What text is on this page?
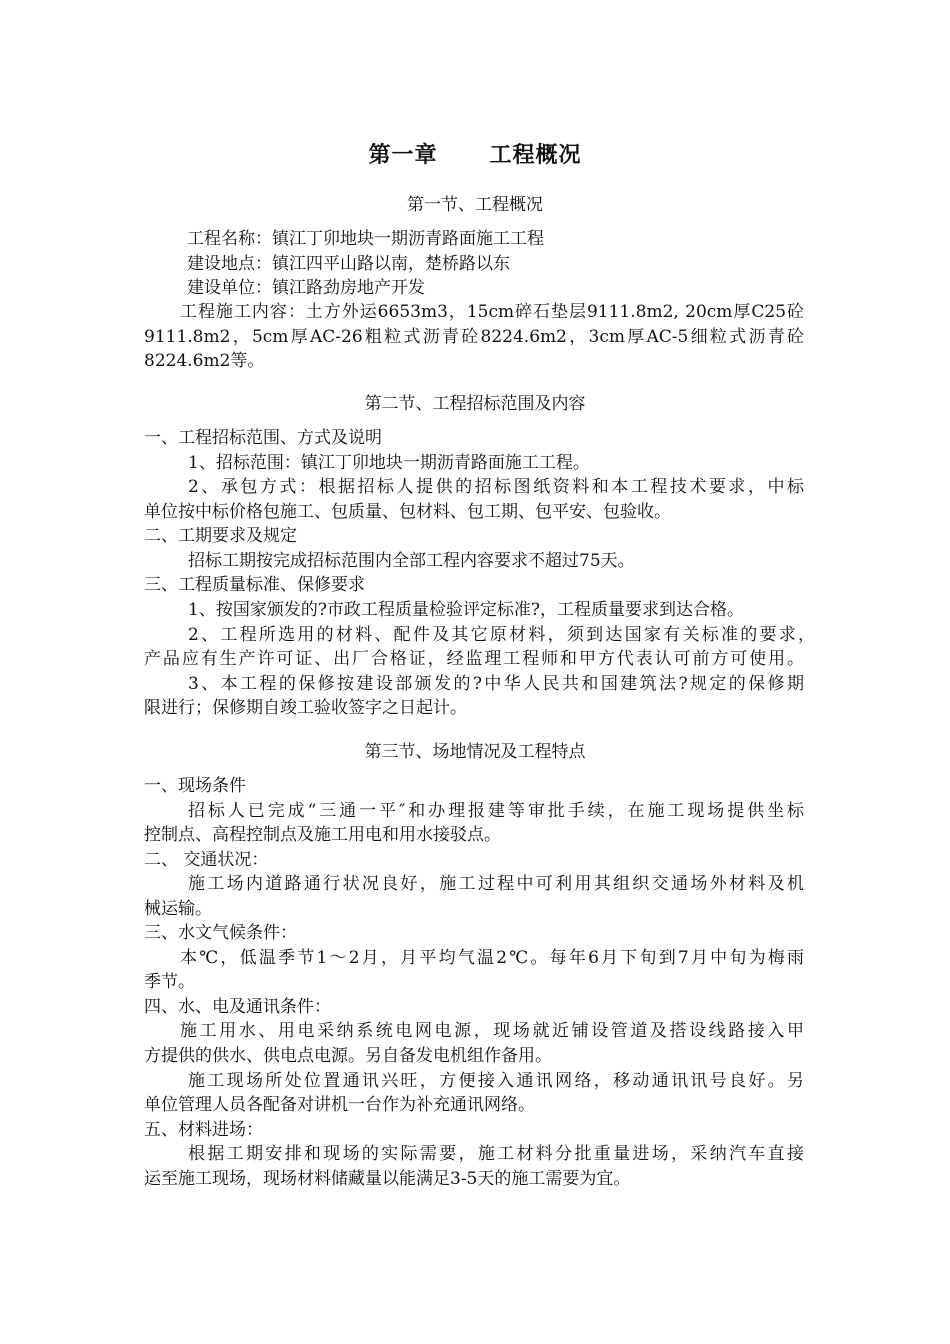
第一章      工程概况
第一节、工程概况
工程名称：镇江丁卯地块一期沥青路面施工工程
建设地点：镇江四平山路以南，楚桥路以东
建设单位：镇江路劲房地产开发
工程施工内容：土方外运6653m3，15cm碎石垫层9111.8m2, 20cm厚C25砼
9111.8m2，5cm厚AC-26粗粒式沥青砼8224.6m2，3cm厚AC-5细粒式沥青砼
8224.6m2等。
第二节、工程招标范围及内容
一、工程招标范围、方式及说明
1、招标范围：镇江丁卯地块一期沥青路面施工工程。
2、承包方式：根据招标人提供的招标图纸资料和本工程技术要求，中标
单位按中标价格包施工、包质量、包材料、包工期、包平安、包验收。
二、工期要求及规定
招标工期按完成招标范围内全部工程内容要求不超过75天。
三、工程质量标准、保修要求
1、按国家颁发的?市政工程质量检验评定标准?，工程质量要求到达合格。
2、工程所选用的材料、配件及其它原材料，须到达国家有关标准的要求，
产品应有生产许可证、出厂合格证，经监理工程师和甲方代表认可前方可使用。
3、本工程的保修按建设部颁发的?中华人民共和国建筑法?规定的保修期
限进行；保修期自竣工验收签字之日起计。
第三节、场地情况及工程特点
一、现场条件
招标人已完成“三通一平″和办理报建等审批手续，在施工现场提供坐标
控制点、高程控制点及施工用电和用水接驳点。
二、 交通状况：
施工场内道路通行状况良好，施工过程中可利用其组织交通场外材料及机
械运输。
三、水文气候条件：
本℃，低温季节1～2月，月平均气温2℃。每年6月下旬到7月中旬为梅雨
季节。
四、水、电及通讯条件：
施工用水、用电采纳系统电网电源，现场就近铺设管道及搭设线路接入甲
方提供的供水、供电点电源。另自备发电机组作备用。
施工现场所处位置通讯兴旺，方便接入通讯网络，移动通讯讯号良好。另
单位管理人员各配备对讲机一台作为补充通讯网络。
五、材料进场：
根据工期安排和现场的实际需要，施工材料分批重量进场，采纳汽车直接
运至施工现场，现场材料储藏量以能满足3-5天的施工需要为宜。
